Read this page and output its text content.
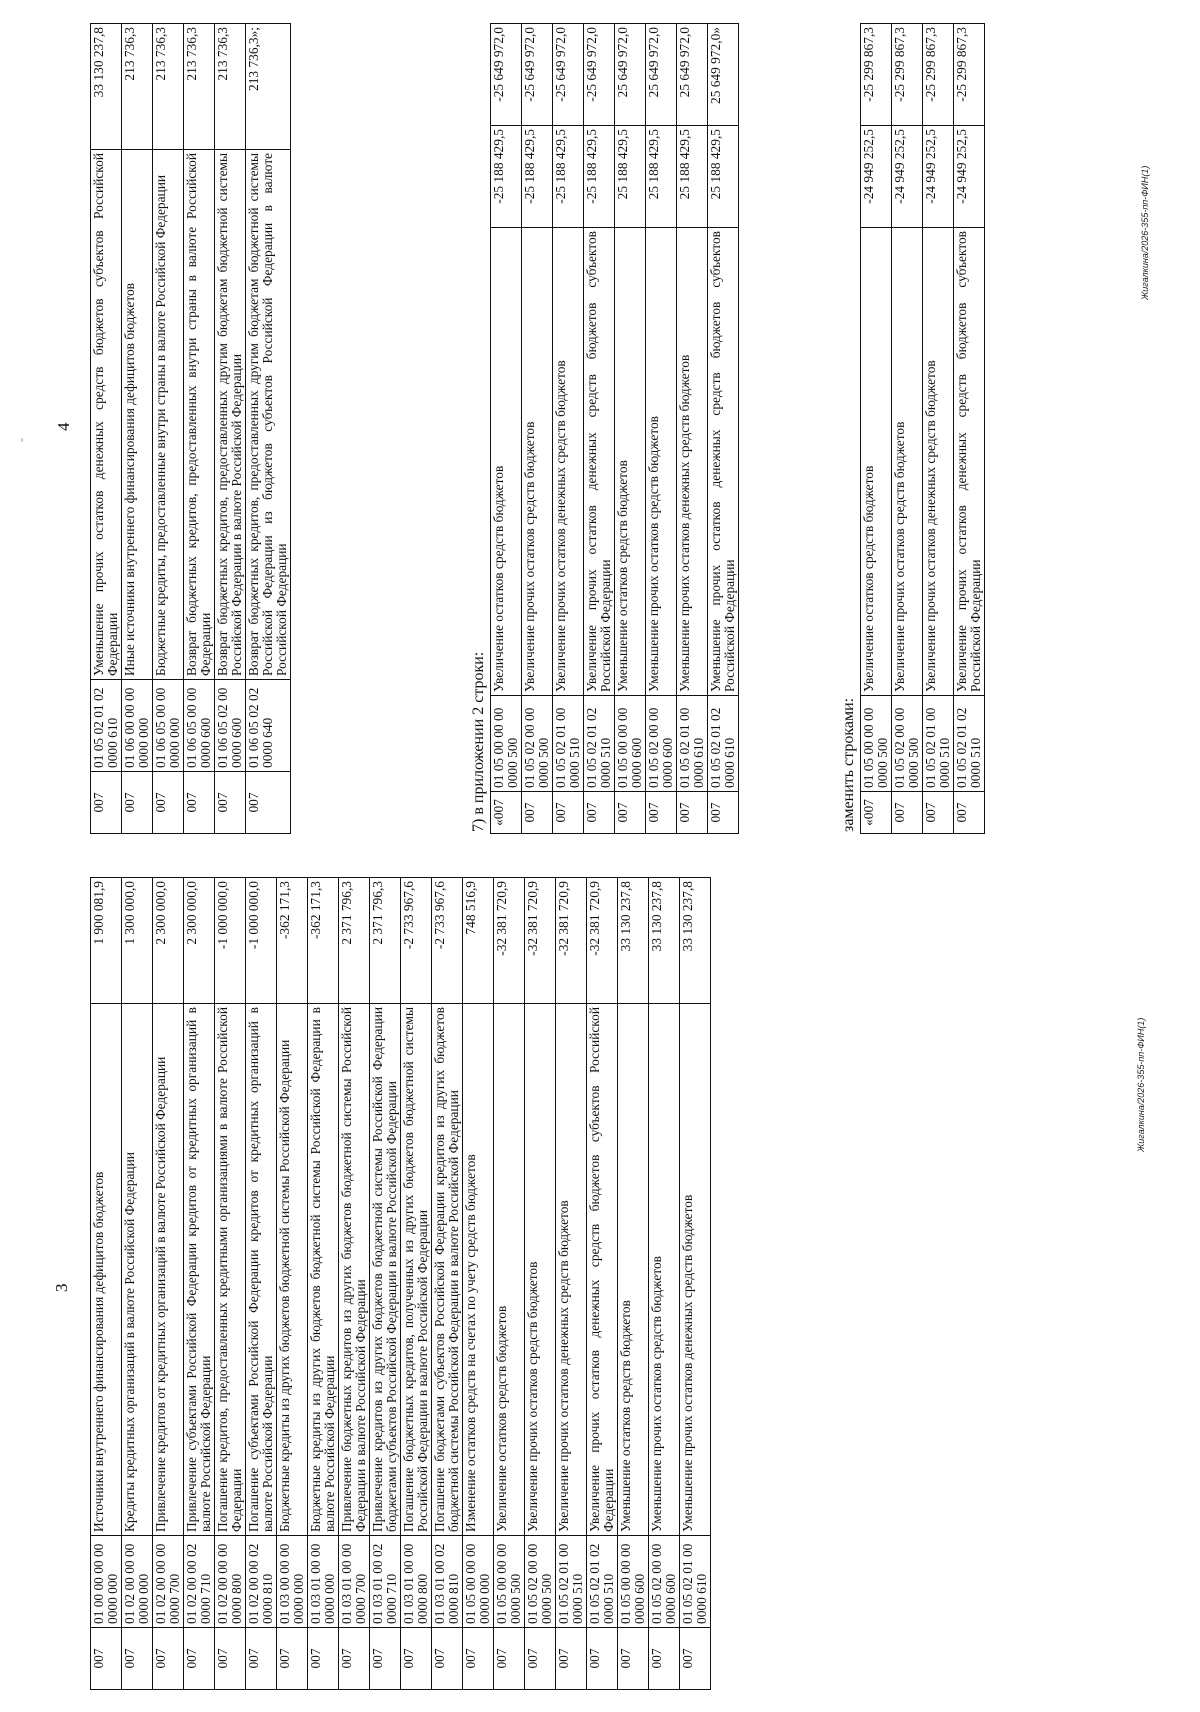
3
007	01 00 00 00 00 0000 000	Источники внутреннего финансирования дефицитов бюджетов	1 900 081,9
007	01 02 00 00 00 0000 000	Кредиты кредитных организаций в валюте Российской Федерации	1 300 000,0
007	01 02 00 00 00 0000 700	Привлечение кредитов от кредитных организаций в валюте Российской Федерации	2 300 000,0
007	01 02 00 00 02 0000 710	Привлечение субъектами Российской Федерации кредитов от кредитных организаций в валюте Российской Федерации	2 300 000,0
007	01 02 00 00 00 0000 800	Погашение кредитов, предоставленных кредитными организациями в валюте Российской Федерации	-1 000 000,0
007	01 02 00 00 02 0000 810	Погашение субъектами Российской Федерации кредитов от кредитных организаций в валюте Российской Федерации	-1 000 000,0
007	01 03 00 00 00 0000 000	Бюджетные кредиты из других бюджетов бюджетной системы Российской Федерации	-362 171,3
007	01 03 01 00 00 0000 000	Бюджетные кредиты из других бюджетов бюджетной системы Российской Федерации в валюте Российской Федерации	-362 171,3
007	01 03 01 00 00 0000 700	Привлечение бюджетных кредитов из других бюджетов бюджетной системы Российской Федерации в валюте Российской Федерации	2 371 796,3
007	01 03 01 00 02 0000 710	Привлечение кредитов из других бюджетов бюджетной системы Российской Федерации бюджетами субъектов Российской Федерации в валюте Российской Федерации	2 371 796,3
007	01 03 01 00 00 0000 800	Погашение бюджетных кредитов, полученных из других бюджетов бюджетной системы Российской Федерации в валюте Российской Федерации	-2 733 967,6
007	01 03 01 00 02 0000 810	Погашение бюджетами субъектов Российской Федерации кредитов из других бюджетов бюджетной системы Российской Федерации в валюте Российской Федерации	-2 733 967,6
007	01 05 00 00 00 0000 000	Изменение остатков средств на счетах по учету средств бюджетов	748 516,9
007	01 05 00 00 00 0000 500	Увеличение остатков средств бюджетов	-32 381 720,9
007	01 05 02 00 00 0000 500	Увеличение прочих остатков средств бюджетов	-32 381 720,9
007	01 05 02 01 00 0000 510	Увеличение прочих остатков денежных средств бюджетов	-32 381 720,9
007	01 05 02 01 02 0000 510	Увеличение прочих остатков денежных средств бюджетов субъектов Российской Федерации	-32 381 720,9
007	01 05 00 00 00 0000 600	Уменьшение остатков средств бюджетов	33 130 237,8
007	01 05 02 00 00 0000 600	Уменьшение прочих остатков средств бюджетов	33 130 237,8
007	01 05 02 01 00 0000 610	Уменьшение прочих остатков денежных средств бюджетов	33 130 237,8
Жигалкина/2026-355-пп-ФИН(1)
4
007	01 05 02 01 02 0000 610	Уменьшение прочих остатков денежных средств бюджетов субъектов Российской Федерации	33 130 237,8
007	01 06 00 00 00 0000 000	Иные источники внутреннего финансирования дефицитов бюджетов	213 736,3
007	01 06 05 00 00 0000 000	Бюджетные кредиты, предоставленные внутри страны в валюте Российской Федерации	213 736,3
007	01 06 05 00 00 0000 600	Возврат бюджетных кредитов, предоставленных внутри страны в валюте Российской Федерации	213 736,3
007	01 06 05 02 00 0000 600	Возврат бюджетных кредитов, предоставленных другим бюджетам бюджетной системы Российской Федерации в валюте Российской Федерации	213 736,3
007	01 06 05 02 02 0000 640	Возврат бюджетных кредитов, предоставленных другим бюджетам бюджетной системы Российской Федерации из бюджетов субъектов Российской Федерации в валюте Российской Федерации	213 736,3»;
7) в приложении 2 строки: «007	01 05 00 00 00 0000 500	Увеличение остатков средств бюджетов	-25 188 429,5	-25 649 972,0
007	01 05 02 00 00 0000 500	Увеличение прочих остатков средств бюджетов	-25 188 429,5	-25 649 972,0
007	01 05 02 01 00 0000 510	Увеличение прочих остатков денежных средств бюджетов	-25 188 429,5	-25 649 972,0
007	01 05 02 01 02 0000 510	Увеличение прочих остатков денежных средств бюджетов субъектов Российской Федерации	-25 188 429,5	-25 649 972,0
007	01 05 00 00 00 0000 600	Уменьшение остатков средств бюджетов	25 188 429,5	25 649 972,0
007	01 05 02 00 00 0000 600	Уменьшение прочих остатков средств бюджетов	25 188 429,5	25 649 972,0
007	01 05 02 01 00 0000 610	Уменьшение прочих остатков денежных средств бюджетов	25 188 429,5	25 649 972,0
007	01 05 02 01 02 0000 610	Уменьшение прочих остатков денежных средств бюджетов субъектов Российской Федерации	25 188 429,5	25 649 972,0»
заменить строками: «007	01 05 00 00 00 0000 500	Увеличение остатков средств бюджетов	-24 949 252,5	-25 299 867,3
007	01 05 02 00 00 0000 500	Увеличение прочих остатков средств бюджетов	-24 949 252,5	-25 299 867,3
007	01 05 02 01 00 0000 510	Увеличение прочих остатков денежных средств бюджетов	-24 949 252,5	-25 299 867,3
007	01 05 02 01 02 0000 510	Увеличение прочих остатков денежных средств бюджетов субъектов Российской Федерации	-24 949 252,5	-25 299 867,3
Жигалкина/2026-355-пп-ФИН(1)
-
